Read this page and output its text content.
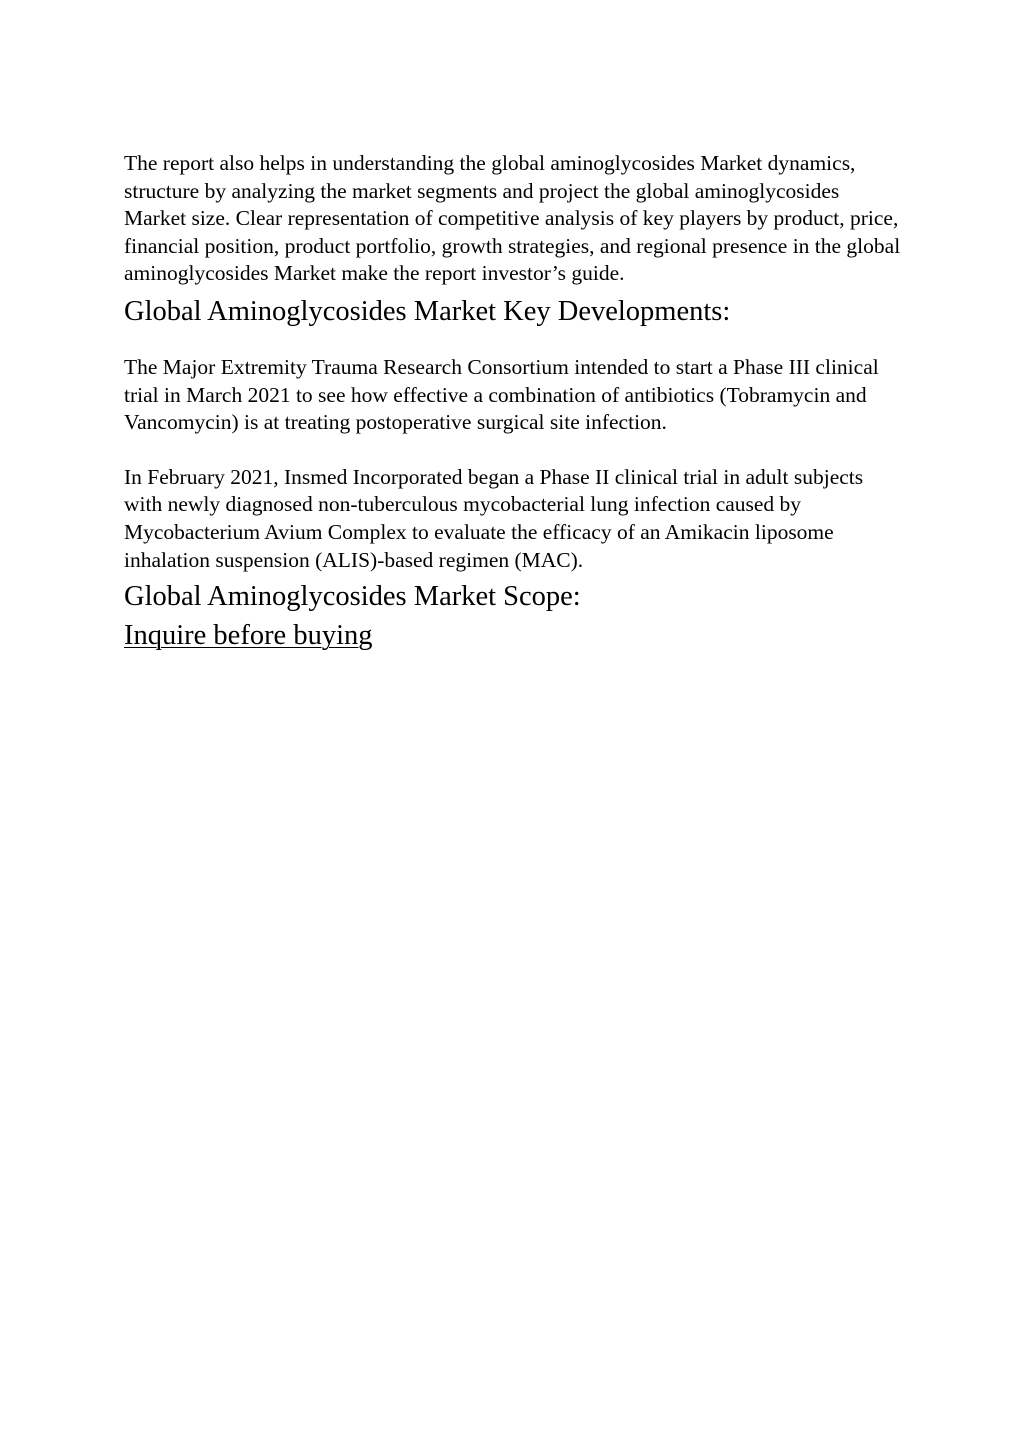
The report also helps in understanding the global aminoglycosides Market dynamics, structure by analyzing the market segments and project the global aminoglycosides Market size. Clear representation of competitive analysis of key players by product, price, financial position, product portfolio, growth strategies, and regional presence in the global aminoglycosides Market make the report investor’s guide.

Global Aminoglycosides Market Key Developments:

The Major Extremity Trauma Research Consortium intended to start a Phase III clinical trial in March 2021 to see how effective a combination of antibiotics (Tobramycin and Vancomycin) is at treating postoperative surgical site infection.

In February 2021, Insmed Incorporated began a Phase II clinical trial in adult subjects with newly diagnosed non-tuberculous mycobacterial lung infection caused by Mycobacterium Avium Complex to evaluate the efficacy of an Amikacin liposome inhalation suspension (ALIS)-based regimen (MAC).

Global Aminoglycosides Market Scope:
Inquire before buying
